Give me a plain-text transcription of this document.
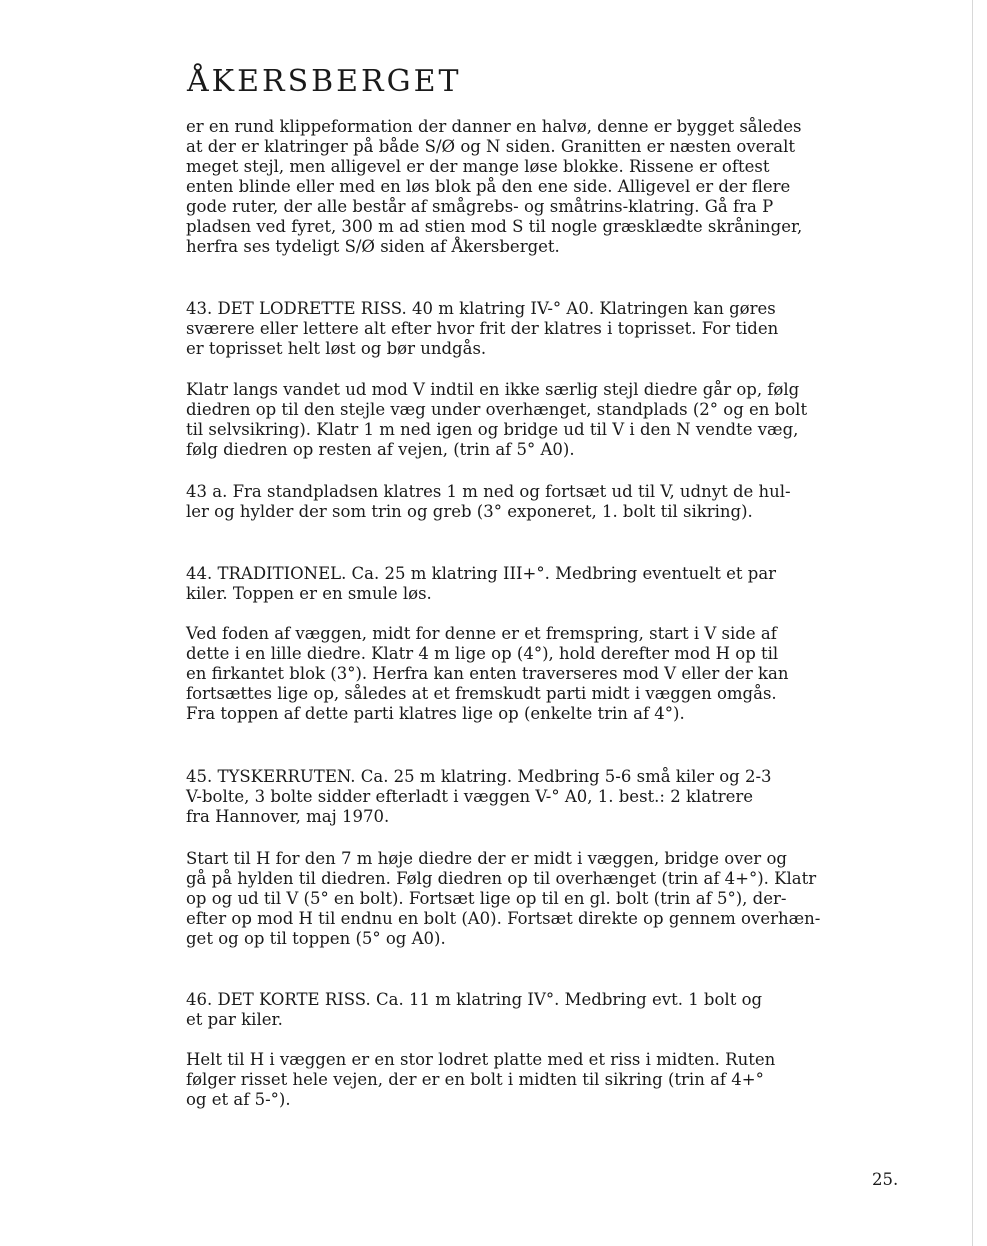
ÅKERSBERGET
er en rund klippeformation der danner en halvø, denne er bygget således
at der er klatringer på både S/Ø og N siden. Granitten er næsten overalt
meget stejl, men alligevel er der mange løse blokke. Rissene er oftest
enten blinde eller med en løs blok på den ene side. Alligevel er der flere
gode ruter, der alle består af smågrebs- og småtrins-klatring. Gå fra P
pladsen ved fyret, 300 m ad stien mod S til nogle græsklædte skråninger,
herfra ses tydeligt S/Ø siden af Åkersberget.
43. DET LODRETTE RISS. 40 m klatring IV-° A0. Klatringen kan gøres
sværere eller lettere alt efter hvor frit der klatres i toprisset. For tiden
er toprisset helt løst og bør undgås.
Klatr langs vandet ud mod V indtil en ikke særlig stejl diedre går op, følg
diedren op til den stejle væg under overhænget, standplads (2° og en bolt
til selvsikring). Klatr 1 m ned igen og bridge ud til V i den N vendte væg,
følg diedren op resten af vejen, (trin af 5° A0).
43 a. Fra standpladsen klatres 1 m ned og fortsæt ud til V, udnyt de hul-
ler og hylder der som trin og greb (3° exponeret, 1. bolt til sikring).
44. TRADITIONEL. Ca. 25 m klatring III+°. Medbring eventuelt et par
kiler. Toppen er en smule løs.
Ved foden af væggen, midt for denne er et fremspring, start i V side af
dette i en lille diedre. Klatr 4 m lige op (4°), hold derefter mod H op til
en firkantet blok (3°). Herfra kan enten traverseres mod V eller der kan
fortsættes lige op, således at et fremskudt parti midt i væggen omgås.
Fra toppen af dette parti klatres lige op (enkelte trin af 4°).
45. TYSKERRUTEN. Ca. 25 m klatring. Medbring 5-6 små kiler og 2-3
V-bolte, 3 bolte sidder efterladt i væggen V-° A0, 1. best.: 2 klatrere
fra Hannover, maj 1970.
Start til H for den 7 m høje diedre der er midt i væggen, bridge over og
gå på hylden til diedren. Følg diedren op til overhænget (trin af 4+°). Klatr
op og ud til V (5° en bolt). Fortsæt lige op til en gl. bolt (trin af 5°), der-
efter op mod H til endnu en bolt (A0). Fortsæt direkte op gennem overhæn-
get og op til toppen (5° og A0).
46. DET KORTE RISS. Ca. 11 m klatring IV°. Medbring evt. 1 bolt og
et par kiler.
Helt til H i væggen er en stor lodret platte med et riss i midten. Ruten
følger risset hele vejen, der er en bolt i midten til sikring (trin af 4+°
og et af 5-°).
25.
